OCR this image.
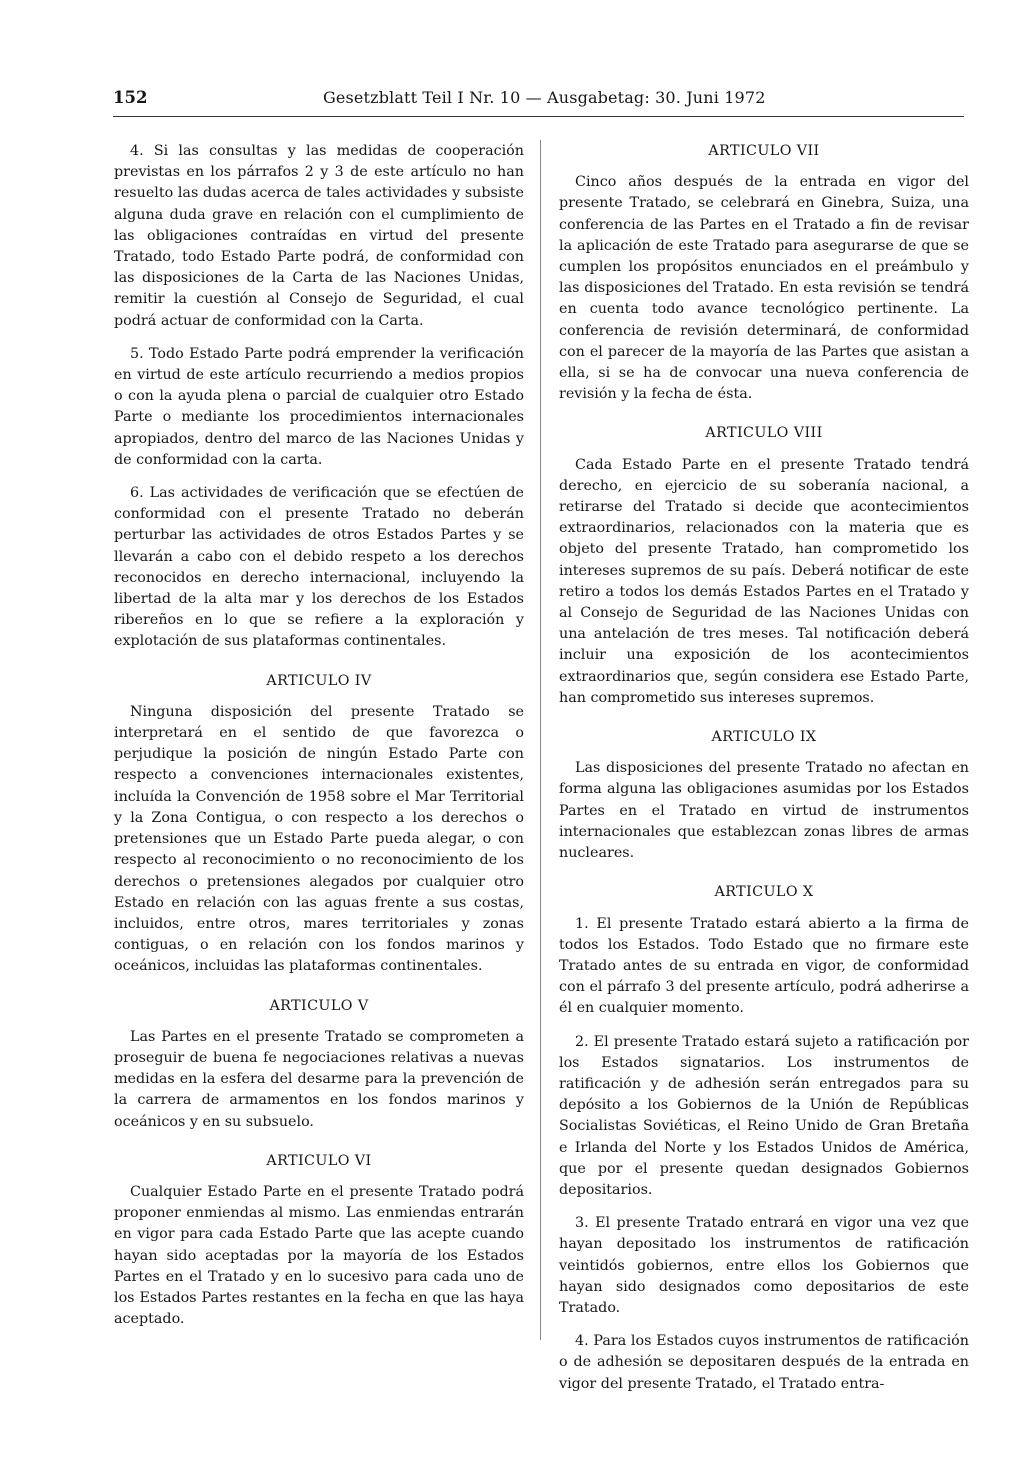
152	Gesetzblatt Teil I Nr. 10 — Ausgabetag: 30. Juni 1972

4. Si las consultas y las medidas de cooperación previstas en los párrafos 2 y 3 de este artículo no han resuelto las dudas acerca de tales actividades y subsiste alguna duda grave en relación con el cumplimiento de las obligaciones contraídas en virtud del presente Tratado, todo Estado Parte podrá, de conformidad con las disposiciones de la Carta de las Naciones Unidas, remitir la cuestión al Consejo de Seguridad, el cual podrá actuar de conformidad con la Carta.

5. Todo Estado Parte podrá emprender la verificación en virtud de este artículo recurriendo a medios propios o con la ayuda plena o parcial de cualquier otro Estado Parte o mediante los procedimientos internacionales apropiados, dentro del marco de las Naciones Unidas y de conformidad con la carta.

6. Las actividades de verificación que se efectúen de conformidad con el presente Tratado no deberán perturbar las actividades de otros Estados Partes y se llevarán a cabo con el debido respeto a los derechos reconocidos en derecho internacional, incluyendo la libertad de la alta mar y los derechos de los Estados ribereños en lo que se refiere a la exploración y explotación de sus plataformas continentales.

ARTICULO IV

Ninguna disposición del presente Tratado se interpretará en el sentido de que favorezca o perjudique la posición de ningún Estado Parte con respecto a convenciones internacionales existentes, incluída la Convención de 1958 sobre el Mar Territorial y la Zona Contigua, o con respecto a los derechos o pretensiones que un Estado Parte pueda alegar, o con respecto al reconocimiento o no reconocimiento de los derechos o pretensiones alegados por cualquier otro Estado en relación con las aguas frente a sus costas, incluidos, entre otros, mares territoriales y zonas contiguas, o en relación con los fondos marinos y oceánicos, incluidas las plataformas continentales.

ARTICULO V

Las Partes en el presente Tratado se comprometen a proseguir de buena fe negociaciones relativas a nuevas medidas en la esfera del desarme para la prevención de la carrera de armamentos en los fondos marinos y oceánicos y en su subsuelo.

ARTICULO VI

Cualquier Estado Parte en el presente Tratado podrá proponer enmiendas al mismo. Las enmiendas entrarán en vigor para cada Estado Parte que las acepte cuando hayan sido aceptadas por la mayoría de los Estados Partes en el Tratado y en lo sucesivo para cada uno de los Estados Partes restantes en la fecha en que las haya aceptado.

ARTICULO VII

Cinco años después de la entrada en vigor del presente Tratado, se celebrará en Ginebra, Suiza, una conferencia de las Partes en el Tratado a fin de revisar la aplicación de este Tratado para asegurarse de que se cumplen los propósitos enunciados en el preámbulo y las disposiciones del Tratado. En esta revisión se tendrá en cuenta todo avance tecnológico pertinente. La conferencia de revisión determinará, de conformidad con el parecer de la mayoría de las Partes que asistan a ella, si se ha de convocar una nueva conferencia de revisión y la fecha de ésta.

ARTICULO VIII

Cada Estado Parte en el presente Tratado tendrá derecho, en ejercicio de su soberanía nacional, a retirarse del Tratado si decide que acontecimientos extraordinarios, relacionados con la materia que es objeto del presente Tratado, han comprometido los intereses supremos de su país. Deberá notificar de este retiro a todos los demás Estados Partes en el Tratado y al Consejo de Seguridad de las Naciones Unidas con una antelación de tres meses. Tal notificación deberá incluir una exposición de los acontecimientos extraordinarios que, según considera ese Estado Parte, han comprometido sus intereses supremos.

ARTICULO IX

Las disposiciones del presente Tratado no afectan en forma alguna las obligaciones asumidas por los Estados Partes en el Tratado en virtud de instrumentos internacionales que establezcan zonas libres de armas nucleares.

ARTICULO X

1. El presente Tratado estará abierto a la firma de todos los Estados. Todo Estado que no firmare este Tratado antes de su entrada en vigor, de conformidad con el párrafo 3 del presente artículo, podrá adherirse a él en cualquier momento.

2. El presente Tratado estará sujeto a ratificación por los Estados signatarios. Los instrumentos de ratificación y de adhesión serán entregados para su depósito a los Gobiernos de la Unión de Repúblicas Socialistas Soviéticas, el Reino Unido de Gran Bretaña e Irlanda del Norte y los Estados Unidos de América, que por el presente quedan designados Gobiernos depositarios.

3. El presente Tratado entrará en vigor una vez que hayan depositado los instrumentos de ratificación veintidós gobiernos, entre ellos los Gobiernos que hayan sido designados como depositarios de este Tratado.

4. Para los Estados cuyos instrumentos de ratificación o de adhesión se depositaren después de la entrada en vigor del presente Tratado, el Tratado entra-
